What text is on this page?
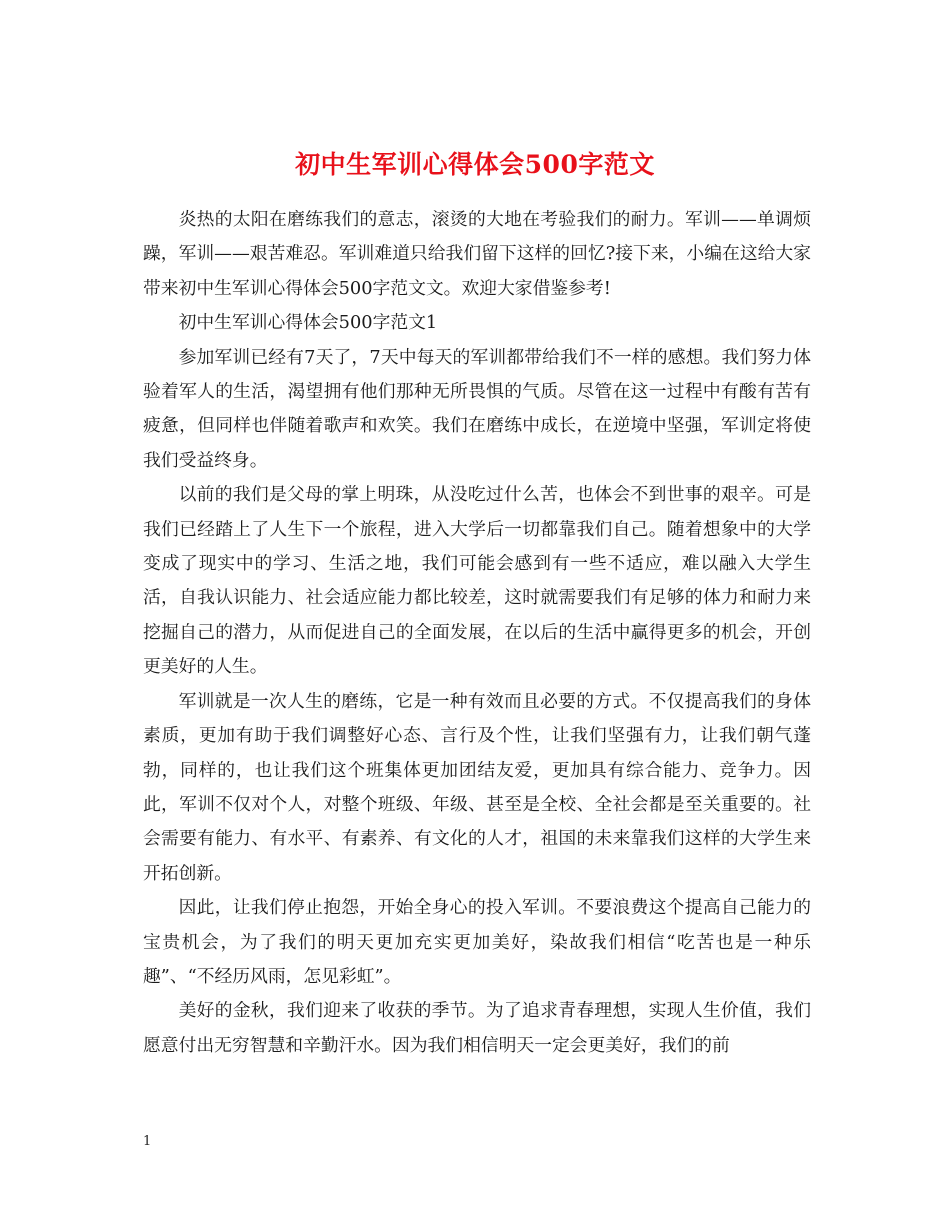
初中生军训心得体会500字范文

炎热的太阳在磨练我们的意志，滚烫的大地在考验我们的耐力。军训——单调烦躁，军训——艰苦难忍。军训难道只给我们留下这样的回忆?接下来，小编在这给大家带来初中生军训心得体会500字范文文。欢迎大家借鉴参考!

初中生军训心得体会500字范文1

参加军训已经有7天了，7天中每天的军训都带给我们不一样的感想。我们努力体验着军人的生活，渴望拥有他们那种无所畏惧的气质。尽管在这一过程中有酸有苦有疲惫，但同样也伴随着歌声和欢笑。我们在磨练中成长，在逆境中坚强，军训定将使我们受益终身。

以前的我们是父母的掌上明珠，从没吃过什么苦，也体会不到世事的艰辛。可是我们已经踏上了人生下一个旅程，进入大学后一切都靠我们自己。随着想象中的大学变成了现实中的学习、生活之地，我们可能会感到有一些不适应，难以融入大学生活，自我认识能力、社会适应能力都比较差，这时就需要我们有足够的体力和耐力来挖掘自己的潜力，从而促进自己的全面发展，在以后的生活中赢得更多的机会，开创更美好的人生。

军训就是一次人生的磨练，它是一种有效而且必要的方式。不仅提高我们的身体素质，更加有助于我们调整好心态、言行及个性，让我们坚强有力，让我们朝气蓬勃，同样的，也让我们这个班集体更加团结友爱，更加具有综合能力、竞争力。因此，军训不仅对个人，对整个班级、年级、甚至是全校、全社会都是至关重要的。社会需要有能力、有水平、有素养、有文化的人才，祖国的未来靠我们这样的大学生来开拓创新。

因此，让我们停止抱怨，开始全身心的投入军训。不要浪费这个提高自己能力的宝贵机会，为了我们的明天更加充实更加美好，染故我们相信“吃苦也是一种乐趣”、“不经历风雨，怎见彩虹”。

美好的金秋，我们迎来了收获的季节。为了追求青春理想，实现人生价值，我们愿意付出无穷智慧和辛勤汗水。因为我们相信明天一定会更美好，我们的前

1
